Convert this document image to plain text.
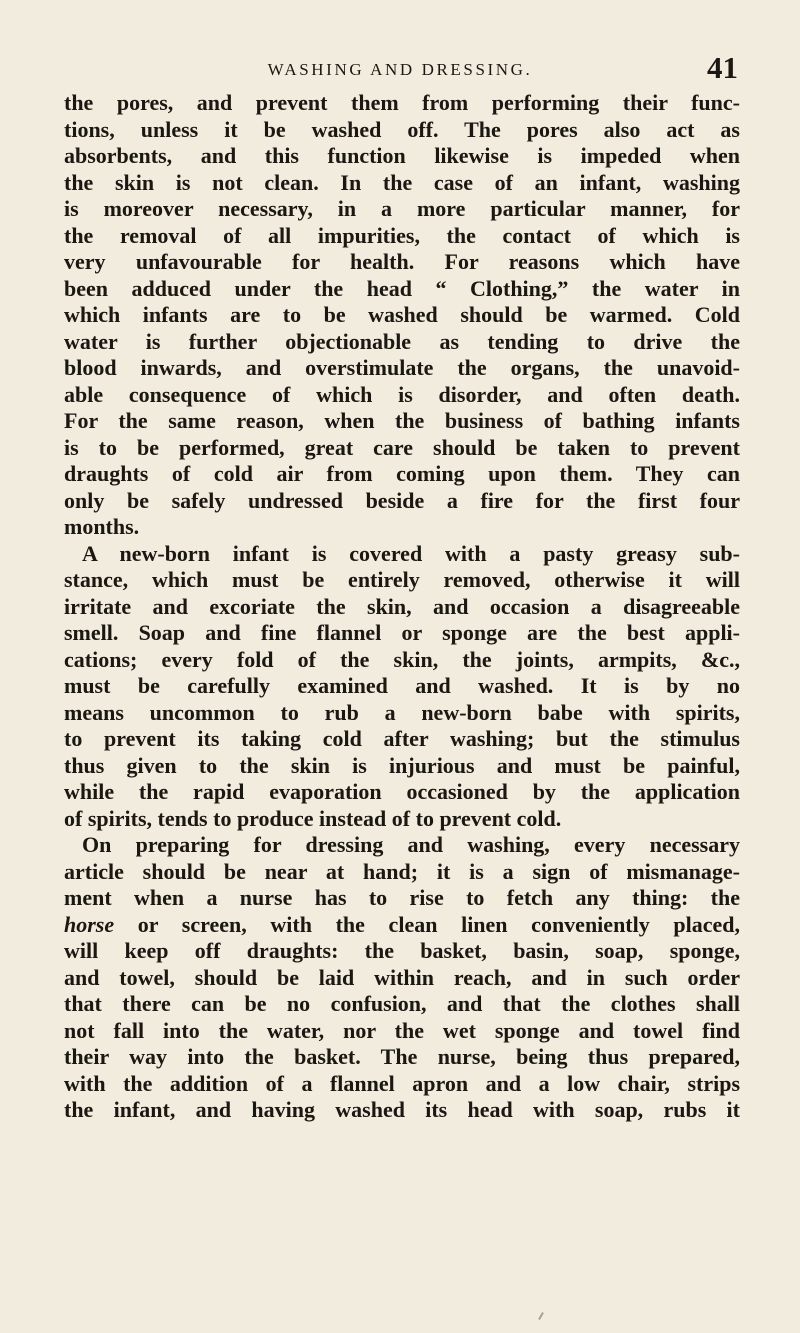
WASHING AND DRESSING.	41
the pores, and prevent them from performing their func-
tions, unless it be washed off. The pores also act as
absorbents, and this function likewise is impeded when
the skin is not clean. In the case of an infant, washing
is moreover necessary, in a more particular manner, for
the removal of all impurities, the contact of which is
very unfavourable for health. For reasons which have
been adduced under the head “ Clothing,” the water in
which infants are to be washed should be warmed. Cold
water is further objectionable as tending to drive the
blood inwards, and overstimulate the organs, the unavoid-
able consequence of which is disorder, and often death.
For the same reason, when the business of bathing infants
is to be performed, great care should be taken to prevent
draughts of cold air from coming upon them. They can
only be safely undressed beside a fire for the first four
months.
A new-born infant is covered with a pasty greasy sub-
stance, which must be entirely removed, otherwise it will
irritate and excoriate the skin, and occasion a disagreeable
smell. Soap and fine flannel or sponge are the best appli-
cations; every fold of the skin, the joints, armpits, &c.,
must be carefully examined and washed. It is by no
means uncommon to rub a new-born babe with spirits,
to prevent its taking cold after washing; but the stimulus
thus given to the skin is injurious and must be painful,
while the rapid evaporation occasioned by the application
of spirits, tends to produce instead of to prevent cold.
On preparing for dressing and washing, every necessary
article should be near at hand; it is a sign of mismanage-
ment when a nurse has to rise to fetch any thing: the
horse or screen, with the clean linen conveniently placed,
will keep off draughts: the basket, basin, soap, sponge,
and towel, should be laid within reach, and in such order
that there can be no confusion, and that the clothes shall
not fall into the water, nor the wet sponge and towel find
their way into the basket. The nurse, being thus prepared,
with the addition of a flannel apron and a low chair, strips
the infant, and having washed its head with soap, rubs it
